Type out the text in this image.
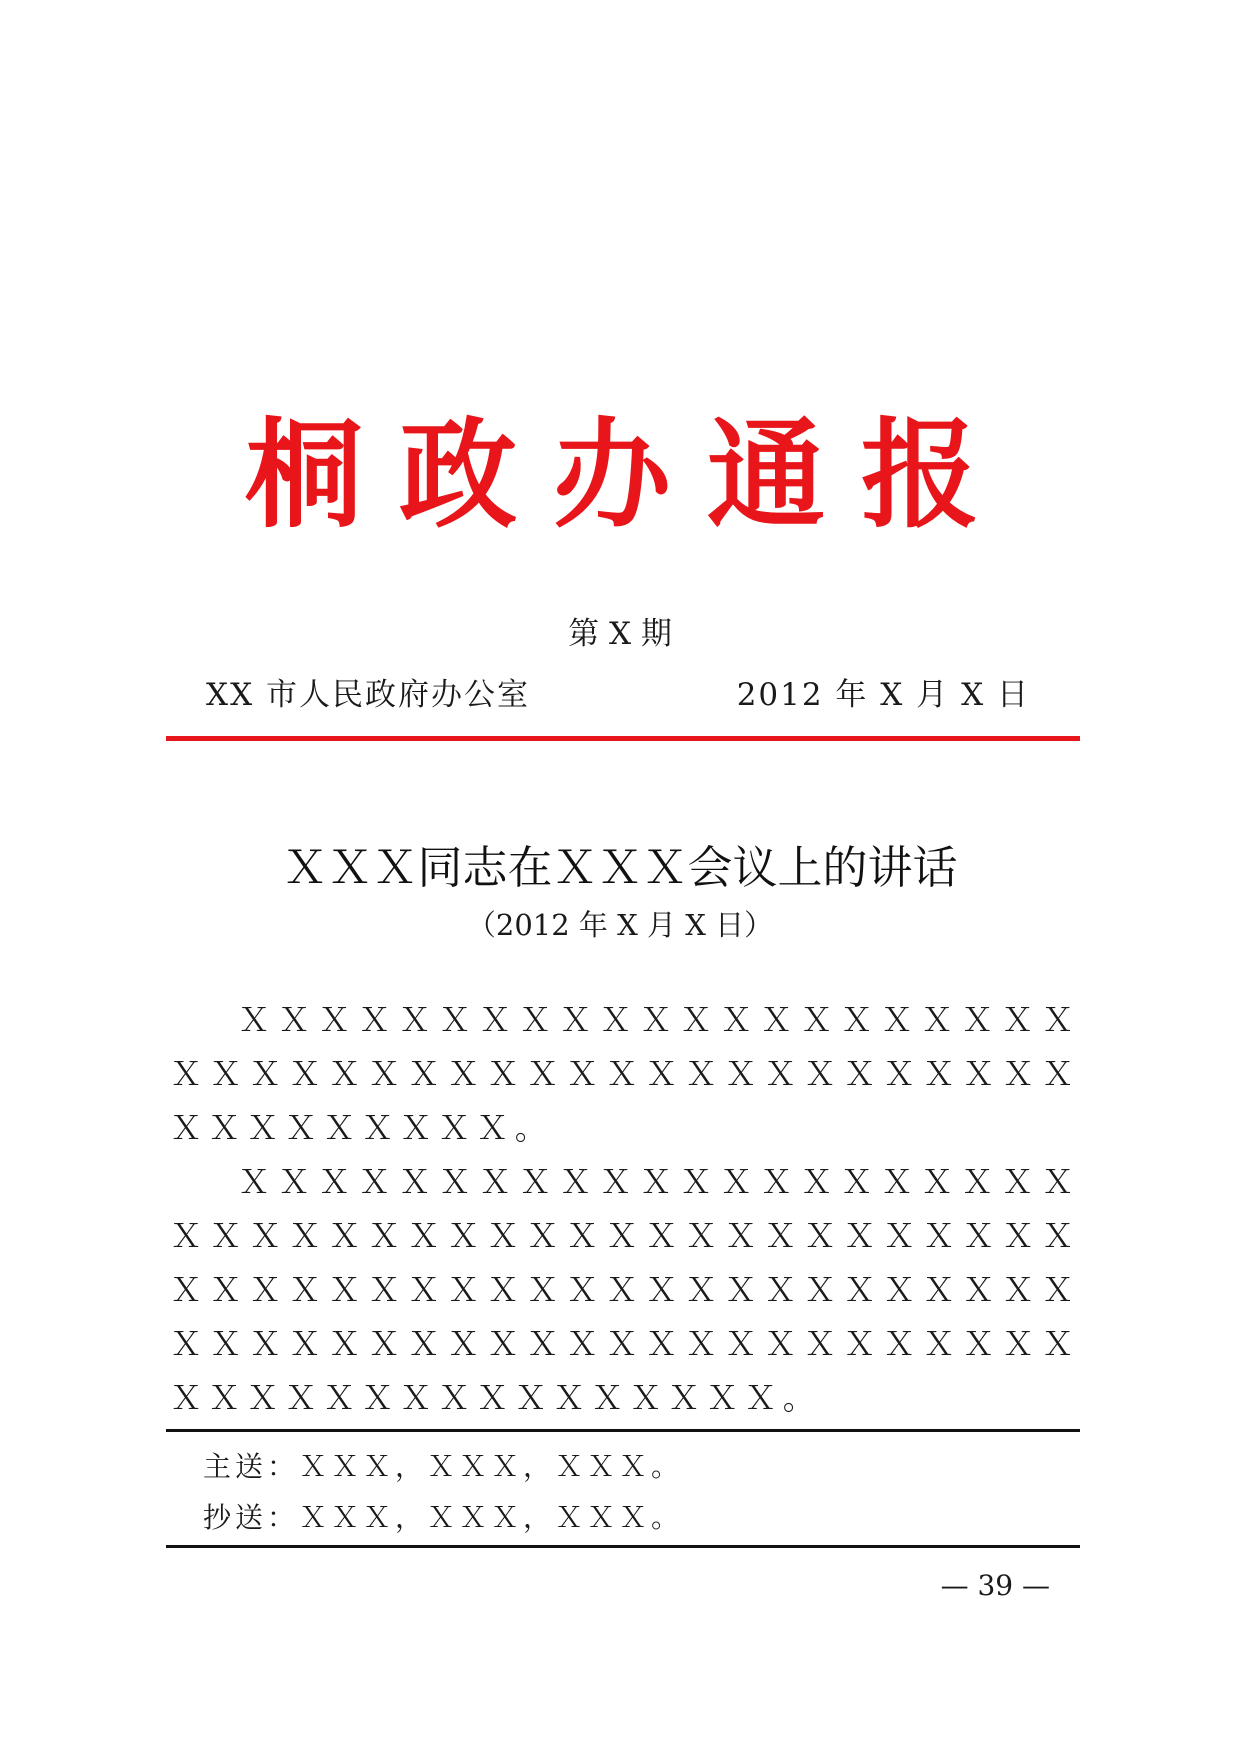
桐政办通报
第 X 期
XX 市人民政府办公室	2012 年 X 月 X 日
ＸＸＸ同志在ＸＸＸ会议上的讲话
（2012 年 X 月 X 日）

ＸＸＸＸＸＸＸＸＸＸＸＸＸＸＸＸＸＸＸＸＸＸＸＸＸＸＸＸＸＸＸＸＸＸＸＸＸＸＸＸＸＸＸＸＸＸＸＸＸＸＸＸＸ。

ＸＸＸＸＸＸＸＸＸＸＸＸＸＸＸＸＸＸＸＸＸＸＸＸＸＸＸＸＸＸＸＸＸＸＸＸＸＸＸＸＸＸＸＸＸＸＸＸＸＸＸＸＸＸＸＸＸＸＸＸＸＸＸＸＸＸＸＸＸＸＸＸＸＸＸＸＸＸＸＸＸＸＸＸＸＸＸＸＸＸＸＸＸＸＸＸＸＸＸＸＸＸＸＸＸＸ。

主送：ＸＸＸ，ＸＸＸ，ＸＸＸ。
抄送：ＸＸＸ，ＸＸＸ，ＸＸＸ。
— 39 —
